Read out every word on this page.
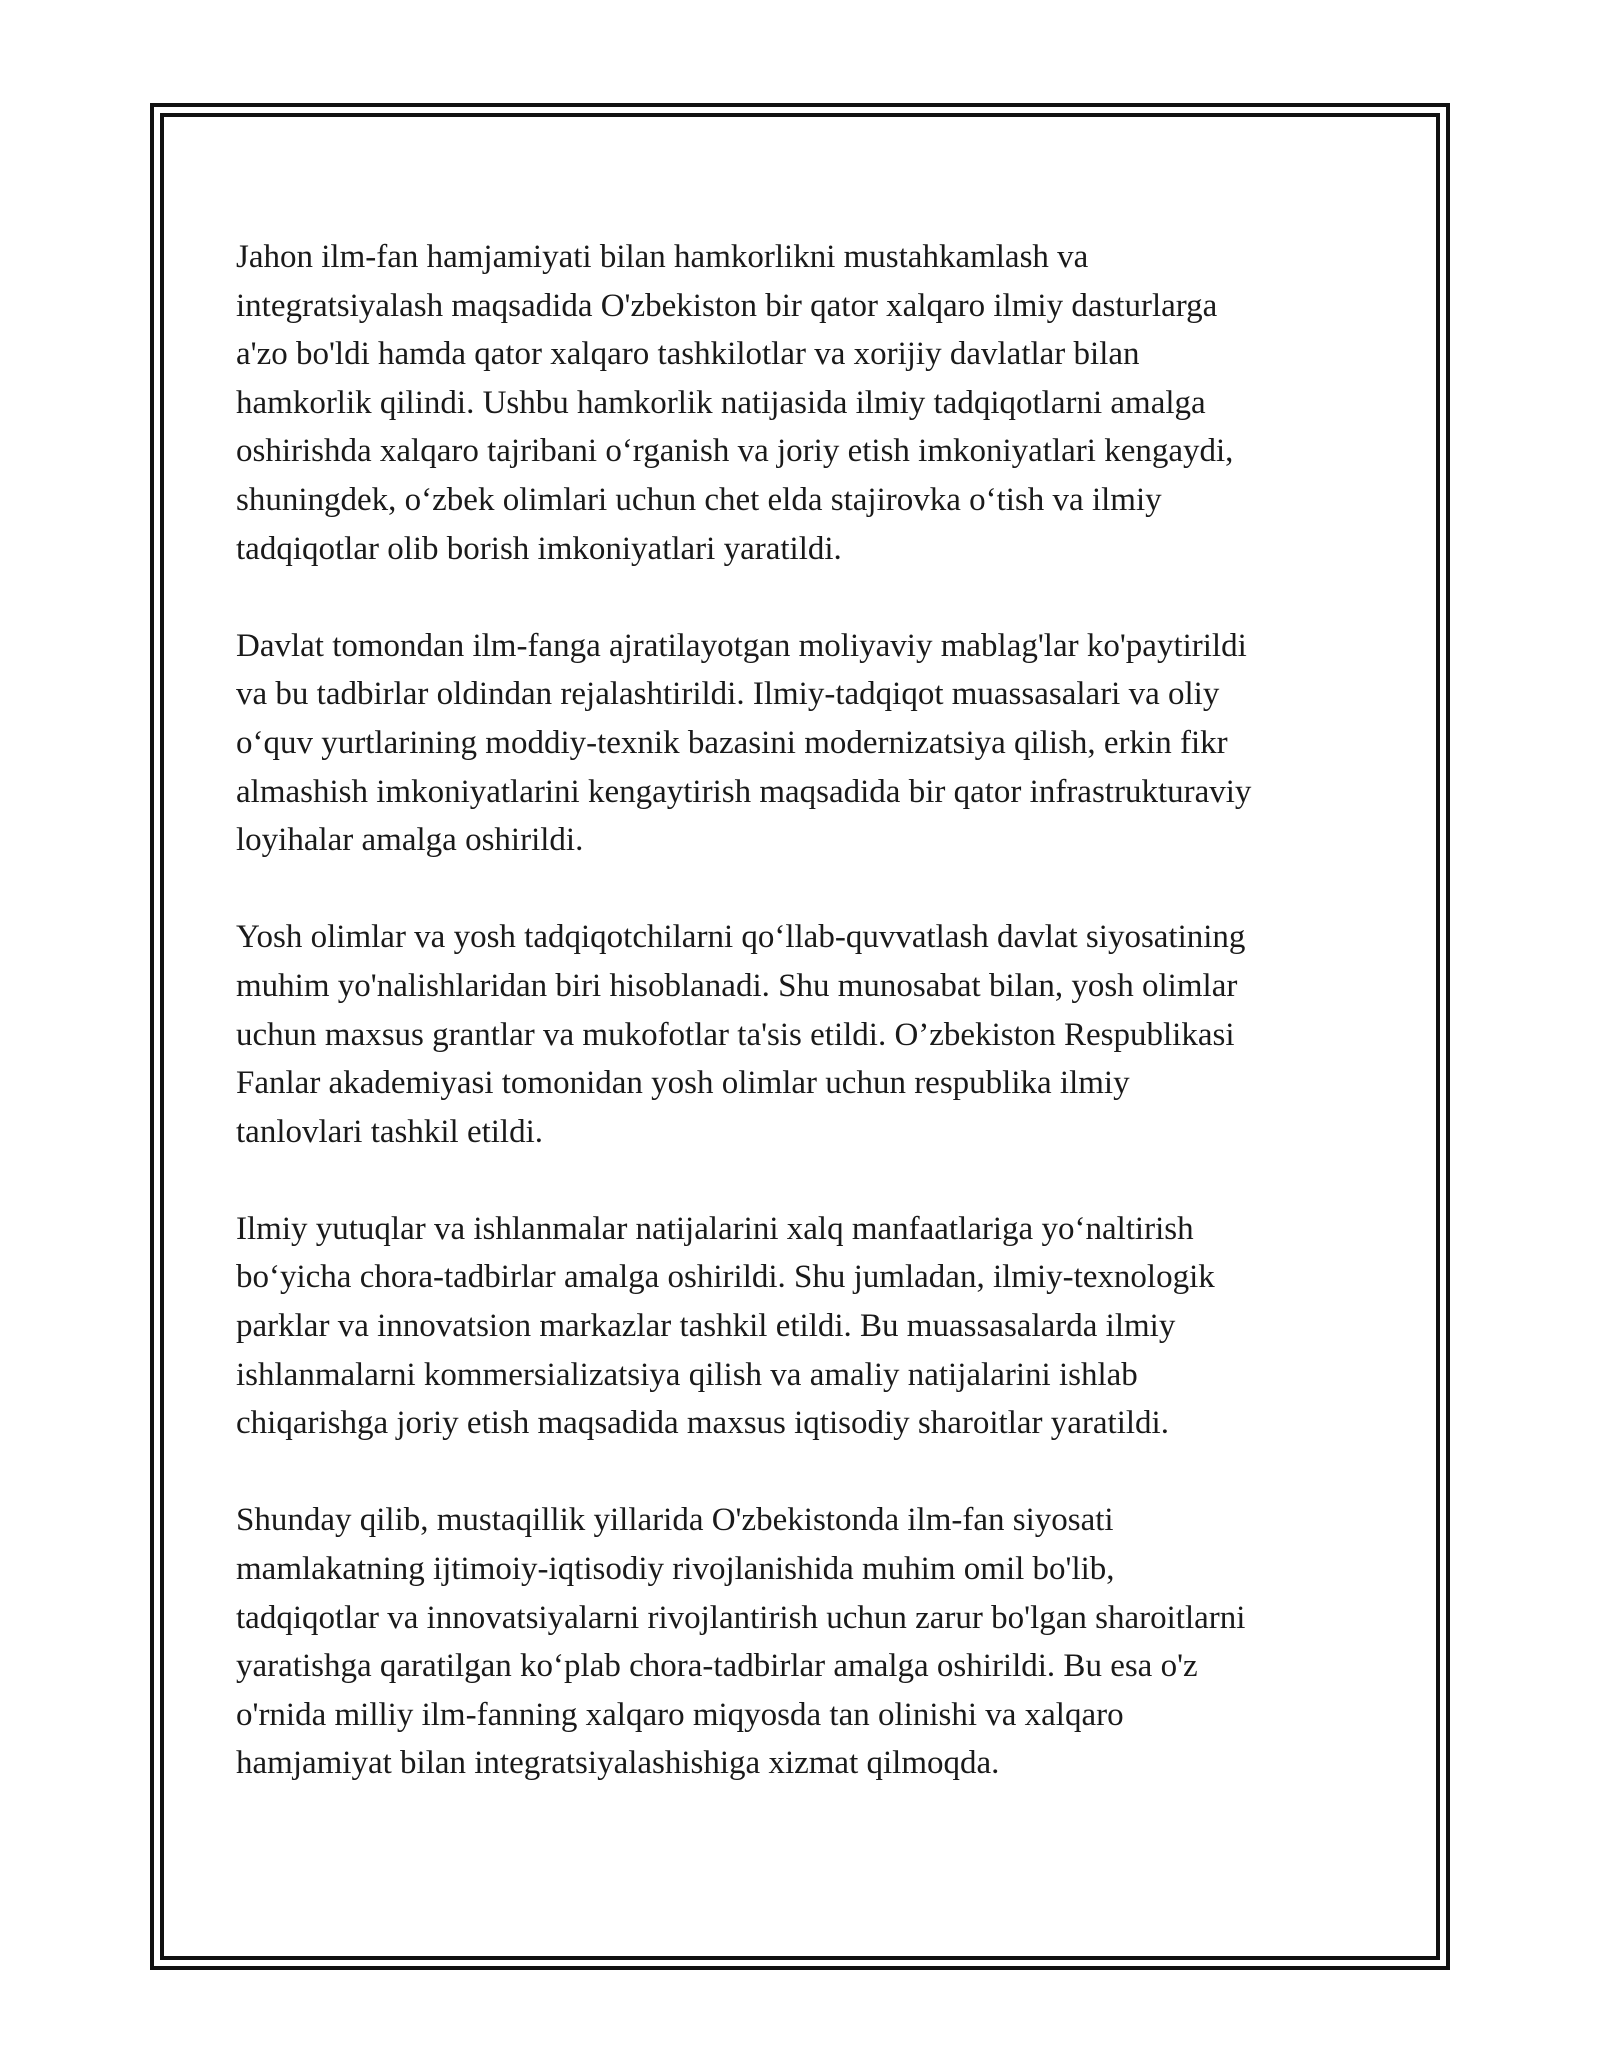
Jahon ilm-fan hamjamiyati bilan hamkorlikni mustahkamlash va
integratsiyalash maqsadida O'zbekiston bir qator xalqaro ilmiy dasturlarga
a'zo bo'ldi hamda qator xalqaro tashkilotlar va xorijiy davlatlar bilan
hamkorlik qilindi. Ushbu hamkorlik natijasida ilmiy tadqiqotlarni amalga
oshirishda xalqaro tajribani o‘rganish va joriy etish imkoniyatlari kengaydi,
shuningdek, o‘zbek olimlari uchun chet elda stajirovka o‘tish va ilmiy
tadqiqotlar olib borish imkoniyatlari yaratildi.

Davlat tomondan ilm-fanga ajratilayotgan moliyaviy mablag'lar ko'paytirildi
va bu tadbirlar oldindan rejalashtirildi. Ilmiy-tadqiqot muassasalari va oliy
o‘quv yurtlarining moddiy-texnik bazasini modernizatsiya qilish, erkin fikr
almashish imkoniyatlarini kengaytirish maqsadida bir qator infrastrukturaviy
loyihalar amalga oshirildi.

Yosh olimlar va yosh tadqiqotchilarni qo‘llab-quvvatlash davlat siyosatining
muhim yo'nalishlaridan biri hisoblanadi. Shu munosabat bilan, yosh olimlar
uchun maxsus grantlar va mukofotlar ta'sis etildi. O’zbekiston Respublikasi
Fanlar akademiyasi tomonidan yosh olimlar uchun respublika ilmiy
tanlovlari tashkil etildi.

Ilmiy yutuqlar va ishlanmalar natijalarini xalq manfaatlariga yo‘naltirish
bo‘yicha chora-tadbirlar amalga oshirildi. Shu jumladan, ilmiy-texnologik
parklar va innovatsion markazlar tashkil etildi. Bu muassasalarda ilmiy
ishlanmalarni kommersializatsiya qilish va amaliy natijalarini ishlab
chiqarishga joriy etish maqsadida maxsus iqtisodiy sharoitlar yaratildi.

Shunday qilib, mustaqillik yillarida O'zbekistonda ilm-fan siyosati
mamlakatning ijtimoiy-iqtisodiy rivojlanishida muhim omil bo'lib,
tadqiqotlar va innovatsiyalarni rivojlantirish uchun zarur bo'lgan sharoitlarni
yaratishga qaratilgan ko‘plab chora-tadbirlar amalga oshirildi. Bu esa o'z
o'rnida milliy ilm-fanning xalqaro miqyosda tan olinishi va xalqaro
hamjamiyat bilan integratsiyalashishiga xizmat qilmoqda.
